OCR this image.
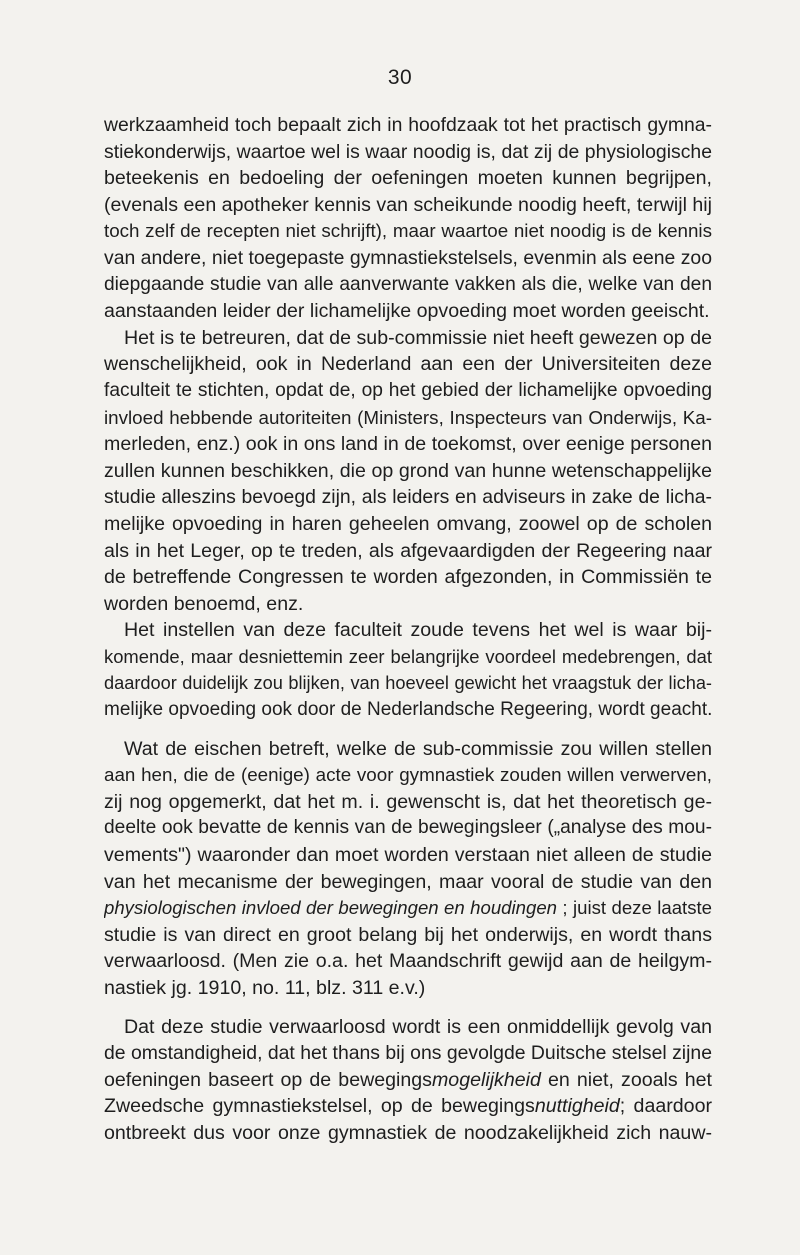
30
werkzaamheid toch bepaalt zich in hoofdzaak tot het practisch gymna-
stiekonderwijs, waartoe wel is waar noodig is, dat zij de physiologische
beteekenis en bedoeling der oefeningen moeten kunnen begrijpen,
(evenals een apotheker kennis van scheikunde noodig heeft, terwijl hij
toch zelf de recepten niet schrijft), maar waartoe niet noodig is de kennis
van andere, niet toegepaste gymnastiekstelsels, evenmin als eene zoo
diepgaande studie van alle aanverwante vakken als die, welke van den
aanstaanden leider der lichamelijke opvoeding moet worden geeischt.
Het is te betreuren, dat de sub-commissie niet heeft gewezen op de
wenschelijkheid, ook in Nederland aan een der Universiteiten deze
faculteit te stichten, opdat de, op het gebied der lichamelijke opvoeding
invloed hebbende autoriteiten (Ministers, Inspecteurs van Onderwijs, Ka-
merleden, enz.) ook in ons land in de toekomst, over eenige personen
zullen kunnen beschikken, die op grond van hunne wetenschappelijke
studie alleszins bevoegd zijn, als leiders en adviseurs in zake de licha-
melijke opvoeding in haren geheelen omvang, zoowel op de scholen
als in het Leger, op te treden, als afgevaardigden der Regeering naar
de betreffende Congressen te worden afgezonden, in Commissiën te
worden benoemd, enz.
Het instellen van deze faculteit zoude tevens het wel is waar bij-
komende, maar desniettemin zeer belangrijke voordeel medebrengen, dat
daardoor duidelijk zou blijken, van hoeveel gewicht het vraagstuk der licha-
melijke opvoeding ook door de Nederlandsche Regeering, wordt geacht.
Wat de eischen betreft, welke de sub-commissie zou willen stellen
aan hen, die de (eenige) acte voor gymnastiek zouden willen verwerven,
zij nog opgemerkt, dat het m. i. gewenscht is, dat het theoretisch ge-
deelte ook bevatte de kennis van de bewegingsleer („analyse des mou-
vements") waaronder dan moet worden verstaan niet alleen de studie
van het mecanisme der bewegingen, maar vooral de studie van den
physiologischen invloed der bewegingen en houdingen ; juist deze laatste
studie is van direct en groot belang bij het onderwijs, en wordt thans
verwaarloosd. (Men zie o.a. het Maandschrift gewijd aan de heilgym-
nastiek jg. 1910, no. 11, blz. 311 e.v.)
Dat deze studie verwaarloosd wordt is een onmiddellijk gevolg van
de omstandigheid, dat het thans bij ons gevolgde Duitsche stelsel zijne
oefeningen baseert op de bewegingsmogelijkheid en niet, zooals het
Zweedsche gymnastiekstelsel, op de bewegingsnuttigheid; daardoor
ontbreekt dus voor onze gymnastiek de noodzakelijkheid zich nauw-
